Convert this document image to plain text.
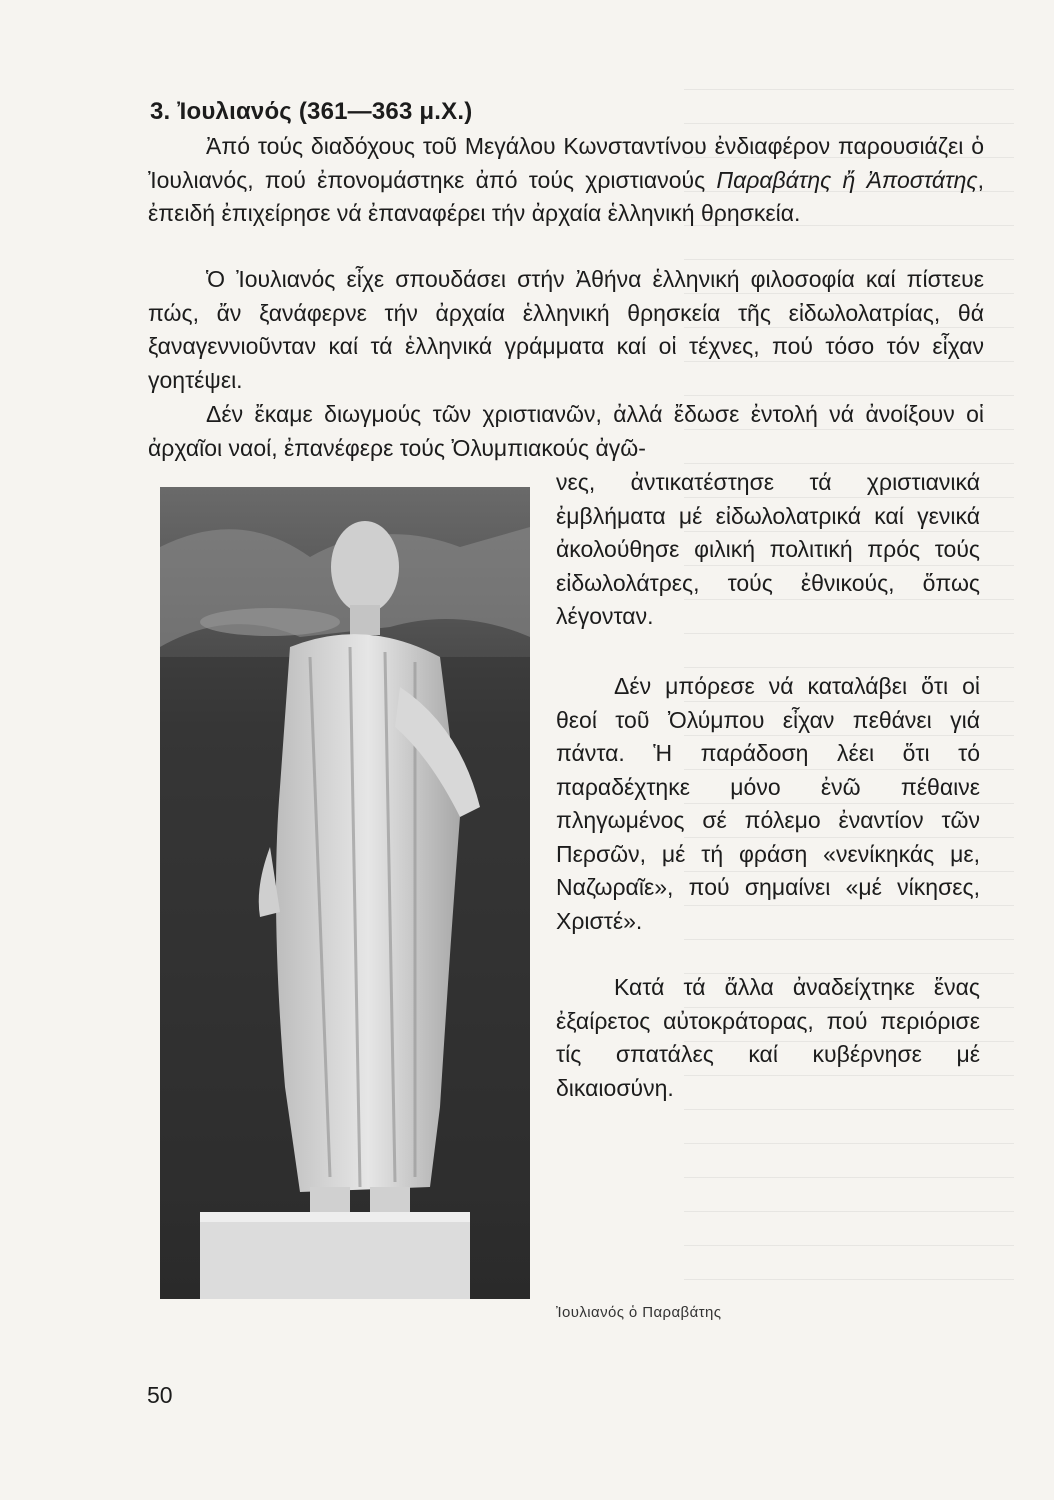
3. Ἰουλιανός (361—363 μ.Χ.)

Ἀπό τούς διαδόχους τοῦ Μεγάλου Κωνσταντίνου ἐνδιαφέρον παρουσιάζει ὁ Ἰουλιανός, πού ἐπονομάστηκε ἀπό τούς χριστιανούς Παραβάτης ἤ Ἀποστάτης, ἐπειδή ἐπιχείρησε νά ἐπαναφέρει τήν ἀρχαία ἑλληνική θρησκεία.

Ὁ Ἰουλιανός εἶχε σπουδάσει στήν Ἀθήνα ἑλληνική φιλοσοφία καί πίστευε πώς, ἄν ξανάφερνε τήν ἀρχαία ἑλληνική θρησκεία τῆς εἰδωλολατρίας, θά ξαναγεννιοῦνταν καί τά ἑλληνικά γράμματα καί οἱ τέχνες, πού τόσο τόν εἶχαν γοητέψει.

Δέν ἔκαμε διωγμούς τῶν χριστιανῶν, ἀλλά ἔδωσε ἐντολή νά ἀνοίξουν οἱ ἀρχαῖοι ναοί, ἐπανέφερε τούς Ὀλυμπιακούς ἀγῶ-

νες, ἀντικατέστησε τά χριστιανικά ἐμβλήματα μέ εἰδωλολατρικά καί γενικά ἀκολούθησε φιλική πολιτική πρός τούς εἰδωλολάτρες, τούς ἐθνικούς, ὅπως λέγονταν.

Δέν μπόρεσε νά καταλάβει ὅτι οἱ θεοί τοῦ Ὀλύμπου εἶχαν πεθάνει γιά πάντα. Ἡ παράδοση λέει ὅτι τό παραδέχτηκε μόνο ἐνῶ πέθαινε πληγωμένος σέ πόλεμο ἐναντίον τῶν Περσῶν, μέ τή φράση «νενίκηκάς με, Ναζωραῖε», πού σημαίνει «μέ νίκησες, Χριστέ».

Κατά τά ἄλλα ἀναδείχτηκε ἕνας ἐξαίρετος αὐτοκράτορας, πού περιόρισε τίς σπατάλες καί κυβέρνησε μέ δικαιοσύνη.

Ἰουλιανός ὁ Παραβάτης
50
